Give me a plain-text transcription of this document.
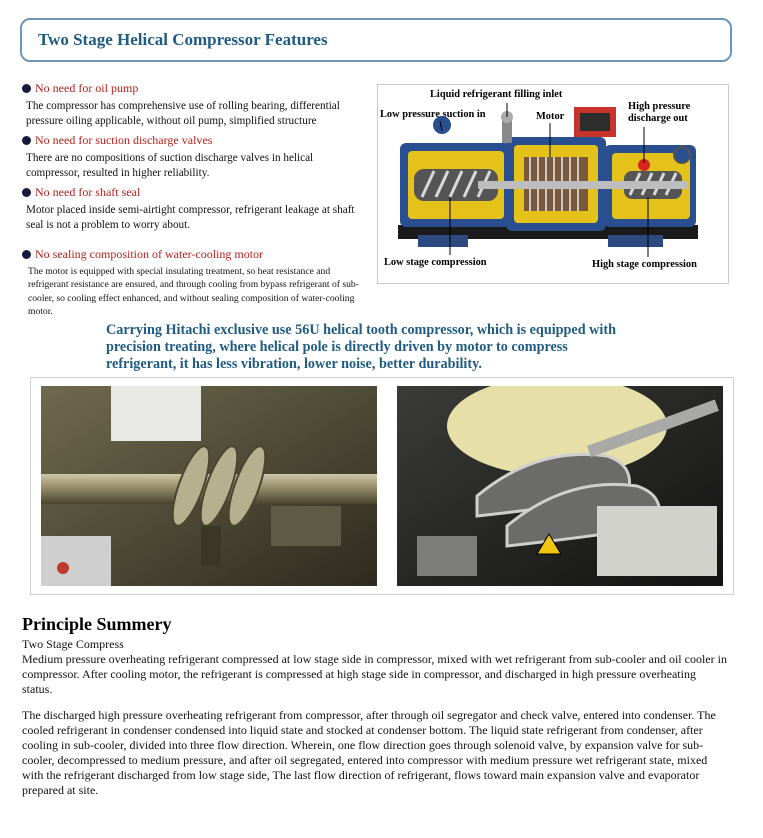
Two Stage Helical Compressor Features
No need for oil pump
The compressor has comprehensive use of rolling bearing, differential pressure oiling applicable, without oil pump, simplified structure
No need for suction discharge valves
There are no compositions of suction discharge valves in helical compressor, resulted in higher reliability.
No need for shaft seal
Motor placed inside semi-airtight compressor, refrigerant leakage at shaft seal is not a problem to worry about.
No sealing composition of water-cooling motor
The motor is equipped with special insulating treatment, so heat resistance and refrigerant resistance are ensured, and through cooling from bypass refrigerant of sub-cooler, so cooling effect enhanced, and without sealing composition of water-cooling motor.
Liquid refrigerant filling inlet
Low pressure suction in	Motor
High pressure discharge out
Low stage compression	High stage compression
Carrying Hitachi exclusive use 56U helical tooth compressor, which is equipped with
precision treating, where helical pole is directly driven by motor to compress
refrigerant, it has less vibration, lower noise, better durability.
Principle Summery
Two Stage Compress
Medium pressure overheating refrigerant compressed at low stage side in compressor, mixed with wet refrigerant from sub-cooler and oil cooler in compressor. After cooling motor, the refrigerant is compressed at high stage side in compressor, and discharged in high pressure overheating status.
The discharged high pressure overheating refrigerant from compressor, after through oil segregator and check valve, entered into condenser. The cooled refrigerant in condenser condensed into liquid state and stocked at condenser bottom. The liquid state refrigerant from condenser, after cooling in sub-cooler, divided into three flow direction. Wherein, one flow direction goes through solenoid valve, by expansion valve for sub-cooler, decompressed to medium pressure, and after oil segregated, entered into compressor with medium pressure wet refrigerant state, mixed with the refrigerant discharged from low stage side, The last flow direction of refrigerant, flows toward main expansion valve and evaporator prepared at site.
